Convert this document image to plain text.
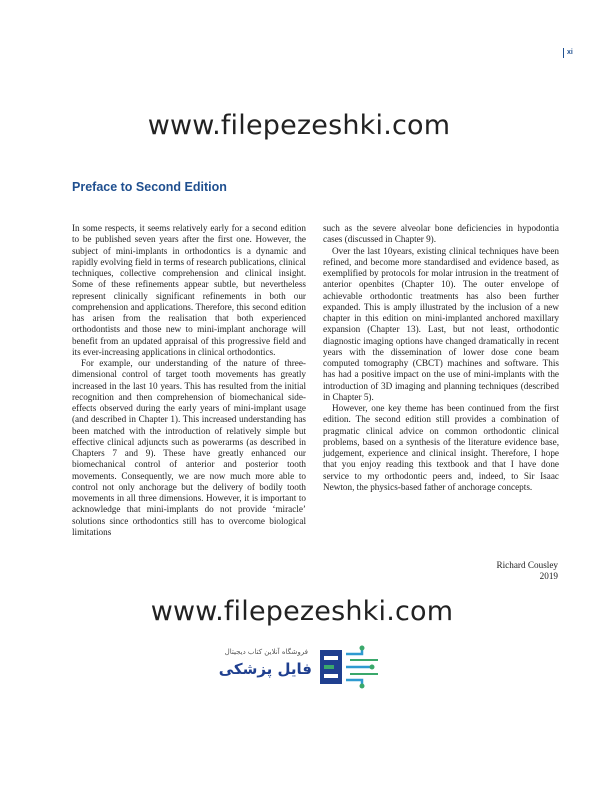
xi
www.filepezeshki.com
Preface to Second Edition

In some respects, it seems relatively early for a second edition to be published seven years after the first one. However, the subject of mini-implants in orthodontics is a dynamic and rapidly evolving field in terms of research publications, clinical techniques, collective comprehension and clinical insight. Some of these refinements appear subtle, but nevertheless represent clinically significant refinements in both our comprehension and applications. Therefore, this second edition has arisen from the realisation that both experienced orthodontists and those new to mini-implant anchorage will benefit from an updated appraisal of this progressive field and its ever-increasing applications in clinical orthodontics.

For example, our understanding of the nature of three-dimensional control of target tooth movements has greatly increased in the last 10 years. This has resulted from the initial recognition and then comprehension of biomechanical side-effects observed during the early years of mini-implant usage (and described in Chapter 1). This increased understanding has been matched with the introduction of relatively simple but effective clinical adjuncts such as powerarms (as described in Chapters 7 and 9). These have greatly enhanced our biomechanical control of anterior and posterior tooth movements. Consequently, we are now much more able to control not only anchorage but the delivery of bodily tooth movements in all three dimensions. However, it is important to acknowledge that mini-implants do not provide ‘miracle’ solutions since orthodontics still has to overcome biological limitations

such as the severe alveolar bone deficiencies in hypodontia cases (discussed in Chapter 9).

Over the last 10years, existing clinical techniques have been refined, and become more standardised and evidence based, as exemplified by protocols for molar intrusion in the treatment of anterior openbites (Chapter 10). The outer envelope of achievable orthodontic treatments has also been further expanded. This is amply illustrated by the inclusion of a new chapter in this edition on mini-implanted anchored maxillary expansion (Chapter 13). Last, but not least, orthodontic diagnostic imaging options have changed dramatically in recent years with the dissemination of lower dose cone beam computed tomography (CBCT) machines and software. This has had a positive impact on the use of mini-implants with the introduction of 3D imaging and planning techniques (described in Chapter 5).

However, one key theme has been continued from the first edition. The second edition still provides a combination of pragmatic clinical advice on common orthodontic clinical problems, based on a synthesis of the literature evidence base, judgement, experience and clinical insight. Therefore, I hope that you enjoy reading this textbook and that I have done service to my orthodontic peers and, indeed, to Sir Isaac Newton, the physics-based father of anchorage concepts.

Richard Cousley
2019
www.filepezeshki.com
فروشگاه آنلاین کتاب دیجیتال
فایل پزشکی
